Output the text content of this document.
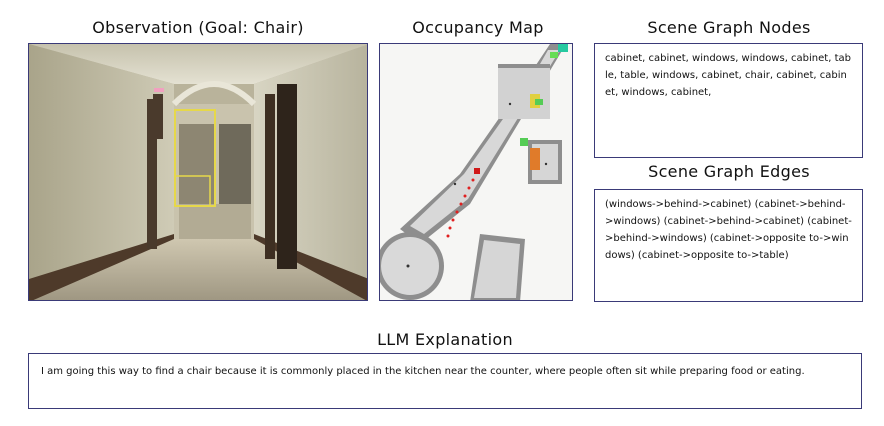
Observation (Goal: Chair)	Occupancy Map	Scene Graph Nodes
Scene Graph Edges
LLM Explanation
cabinet, cabinet, windows, windows, cabinet, table, table, windows, cabinet, chair, cabinet, cabinet, windows, cabinet,
(windows->behind->cabinet) (cabinet->behind->windows) (cabinet->behind->cabinet) (cabinet->behind->windows) (cabinet->opposite to->windows) (cabinet->opposite to->table)
I am going this way to find a chair because it is commonly placed in the kitchen near the counter, where people often sit while preparing food or eating.
